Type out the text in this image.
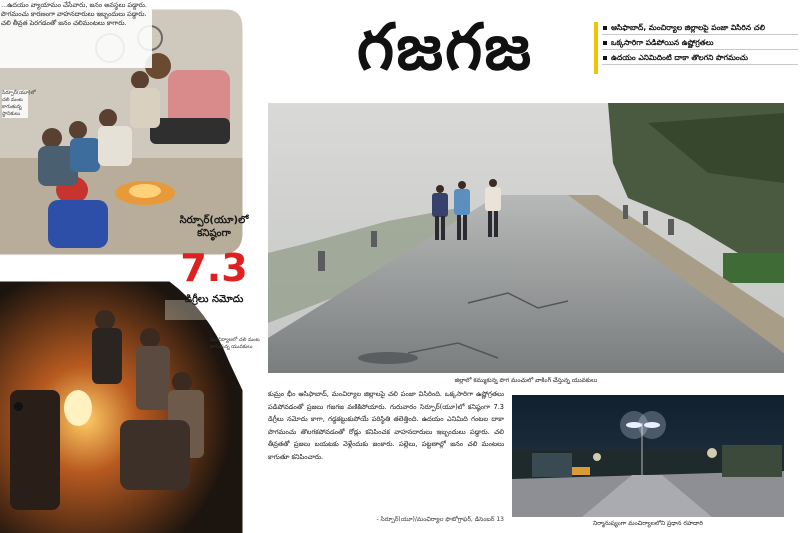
...ఉదయం వ్యాయామం చేసేవారు, జనం అవస్థలు పడ్డారు. పొగమంచు కారణంగా వాహనదారులు ఇబ్బందులు పడ్డారు. చలి తీవ్రత పెరగడంతో జనం చలిమంటలు కాగారు.
సిర్పూర్(యూ)లో చలి మంట కాగుతున్న స్థానికులు
సిర్పూర్(యూ)లో కనిష్ఠంగా
7.3
డిగ్రీలు నమోదు
మంచిర్యాలలో చలి మంట కాగుతున్న యువకులు
గజగజ	ఆసిఫాబాద్, మంచిర్యాల జిల్లాలపై పంజా విసిరిన చలి
ఒక్కసారిగా పడిపోయిన ఉష్ణోగ్రతలు
ఉదయం ఎనిమిదింటి దాకా తొలగని పొగమంచు
జిల్లాలో కమ్ముకున్న పొగ మంచులో వాకింగ్ చేస్తున్న యువకులు
కుమ్రం భీం ఆసిఫాబాద్, మంచిర్యాల జిల్లాలపై చలి పంజా విసిరింది. ఒక్కసారిగా ఉష్ణోగ్రతలు పడిపోవడంతో ప్రజలు గజగజ వణికిపోయారు. గురువారం సిర్పూర్(యూ)లో కనిష్ఠంగా 7.3 డిగ్రీలు నమోదు కాగా, గడ్డకట్టుకుపోయే పరిస్థితి తలెత్తింది. ఉదయం ఎనిమిది గంటల దాకా పొగమంచు తొలగకపోవడంతో రోడ్లు కనిపించక వాహనదారులు ఇబ్బందులు పడ్డారు. చలి తీవ్రతతో ప్రజలు బయటకు వెళ్లేందుకు జంకారు. పల్లెలు, పట్టణాల్లో జనం చలి మంటలు కాగుతూ కనిపించారు.
- సిర్పూర్(యూ)/మంచిర్యాల ఫొటోగ్రాఫర్, డిసెంబర్ 13
నిర్మానుష్యంగా మంచిర్యాలలోని ప్రధాన రహదారి
